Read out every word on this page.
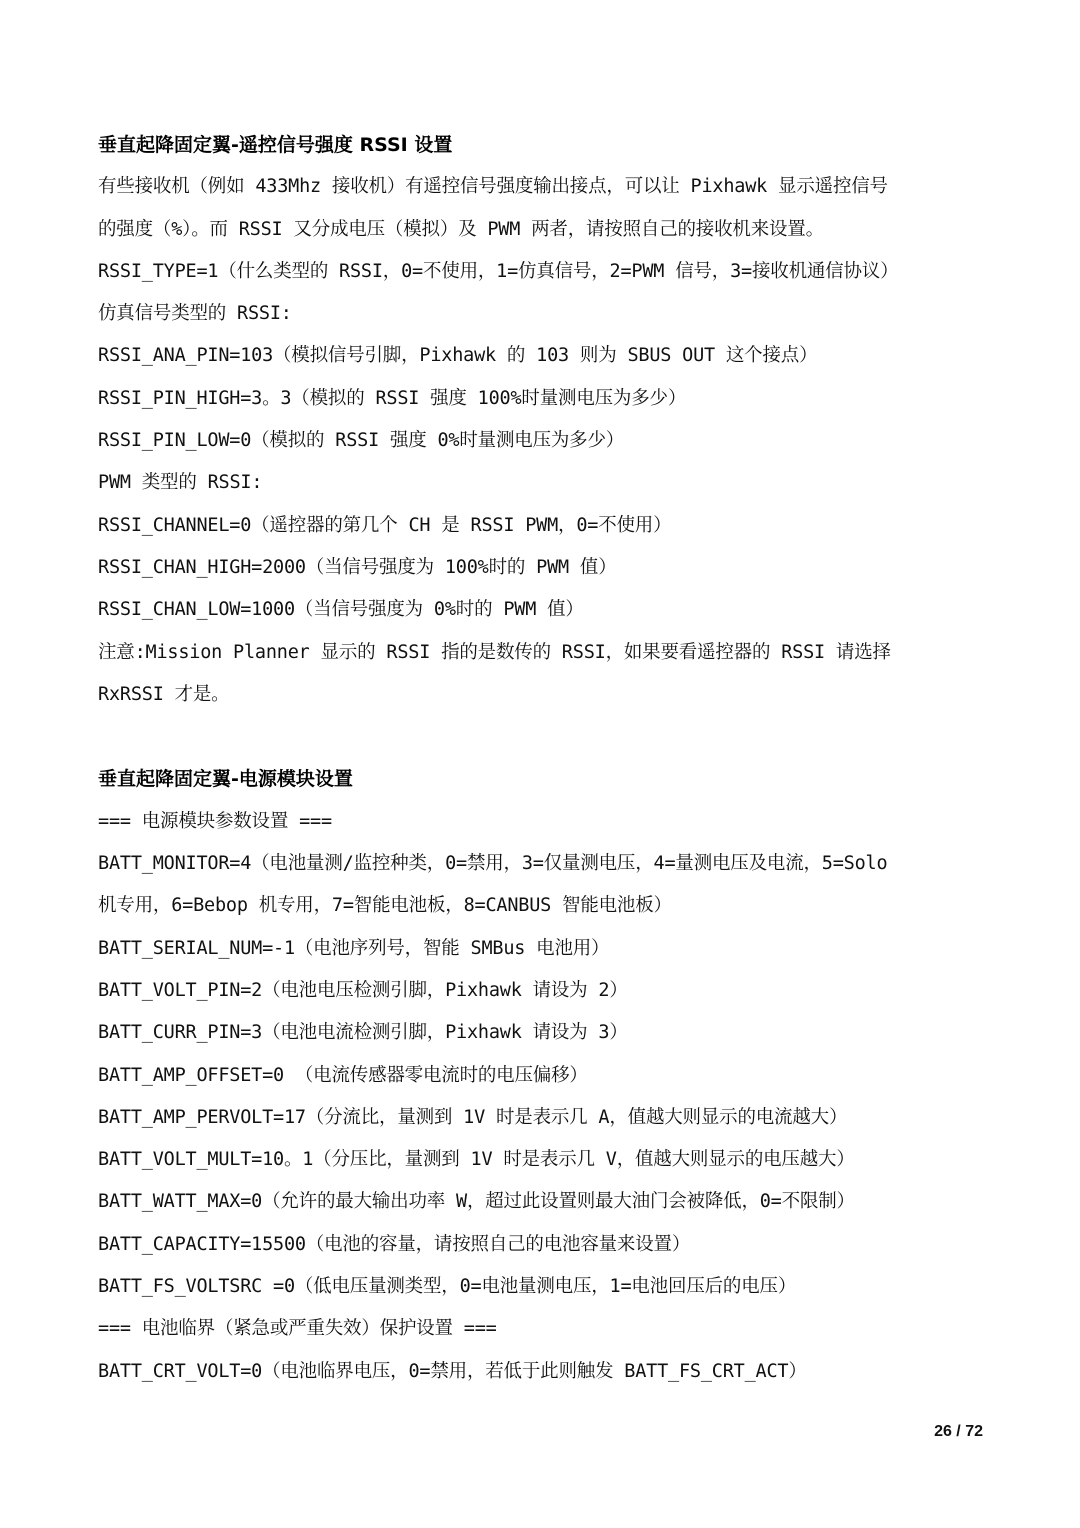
垂直起降固定翼-遥控信号强度 RSSI 设置
有些接收机（例如 433Mhz 接收机）有遥控信号强度输出接点，可以让 Pixhawk 显示遥控信号
的强度（%）。而 RSSI 又分成电压（模拟）及 PWM 两者，请按照自己的接收机来设置。
RSSI_TYPE=1（什么类型的 RSSI，0=不使用，1=仿真信号，2=PWM 信号，3=接收机通信协议）
仿真信号类型的 RSSI:
RSSI_ANA_PIN=103（模拟信号引脚，Pixhawk 的 103 则为 SBUS OUT 这个接点）
RSSI_PIN_HIGH=3。3（模拟的 RSSI 强度 100%时量测电压为多少）
RSSI_PIN_LOW=0（模拟的 RSSI 强度 0%时量测电压为多少）
PWM 类型的 RSSI:
RSSI_CHANNEL=0（遥控器的第几个 CH 是 RSSI PWM，0=不使用）
RSSI_CHAN_HIGH=2000（当信号强度为 100%时的 PWM 值）
RSSI_CHAN_LOW=1000（当信号强度为 0%时的 PWM 值）
注意:Mission Planner 显示的 RSSI 指的是数传的 RSSI，如果要看遥控器的 RSSI 请选择
RxRSSI 才是。
垂直起降固定翼-电源模块设置
=== 电源模块参数设置 ===
BATT_MONITOR=4（电池量测/监控种类，0=禁用，3=仅量测电压，4=量测电压及电流，5=Solo
机专用，6=Bebop 机专用，7=智能电池板，8=CANBUS 智能电池板）
BATT_SERIAL_NUM=-1（电池序列号，智能 SMBus 电池用）
BATT_VOLT_PIN=2（电池电压检测引脚，Pixhawk 请设为 2）
BATT_CURR_PIN=3（电池电流检测引脚，Pixhawk 请设为 3）
BATT_AMP_OFFSET=0 （电流传感器零电流时的电压偏移）
BATT_AMP_PERVOLT=17（分流比，量测到 1V 时是表示几 A，值越大则显示的电流越大）
BATT_VOLT_MULT=10。1（分压比，量测到 1V 时是表示几 V，值越大则显示的电压越大）
BATT_WATT_MAX=0（允许的最大输出功率 W，超过此设置则最大油门会被降低，0=不限制）
BATT_CAPACITY=15500（电池的容量，请按照自己的电池容量来设置）
BATT_FS_VOLTSRC =0（低电压量测类型，0=电池量测电压，1=电池回压后的电压）
=== 电池临界（紧急或严重失效）保护设置 ===
BATT_CRT_VOLT=0（电池临界电压，0=禁用，若低于此则触发 BATT_FS_CRT_ACT）
26 / 72
